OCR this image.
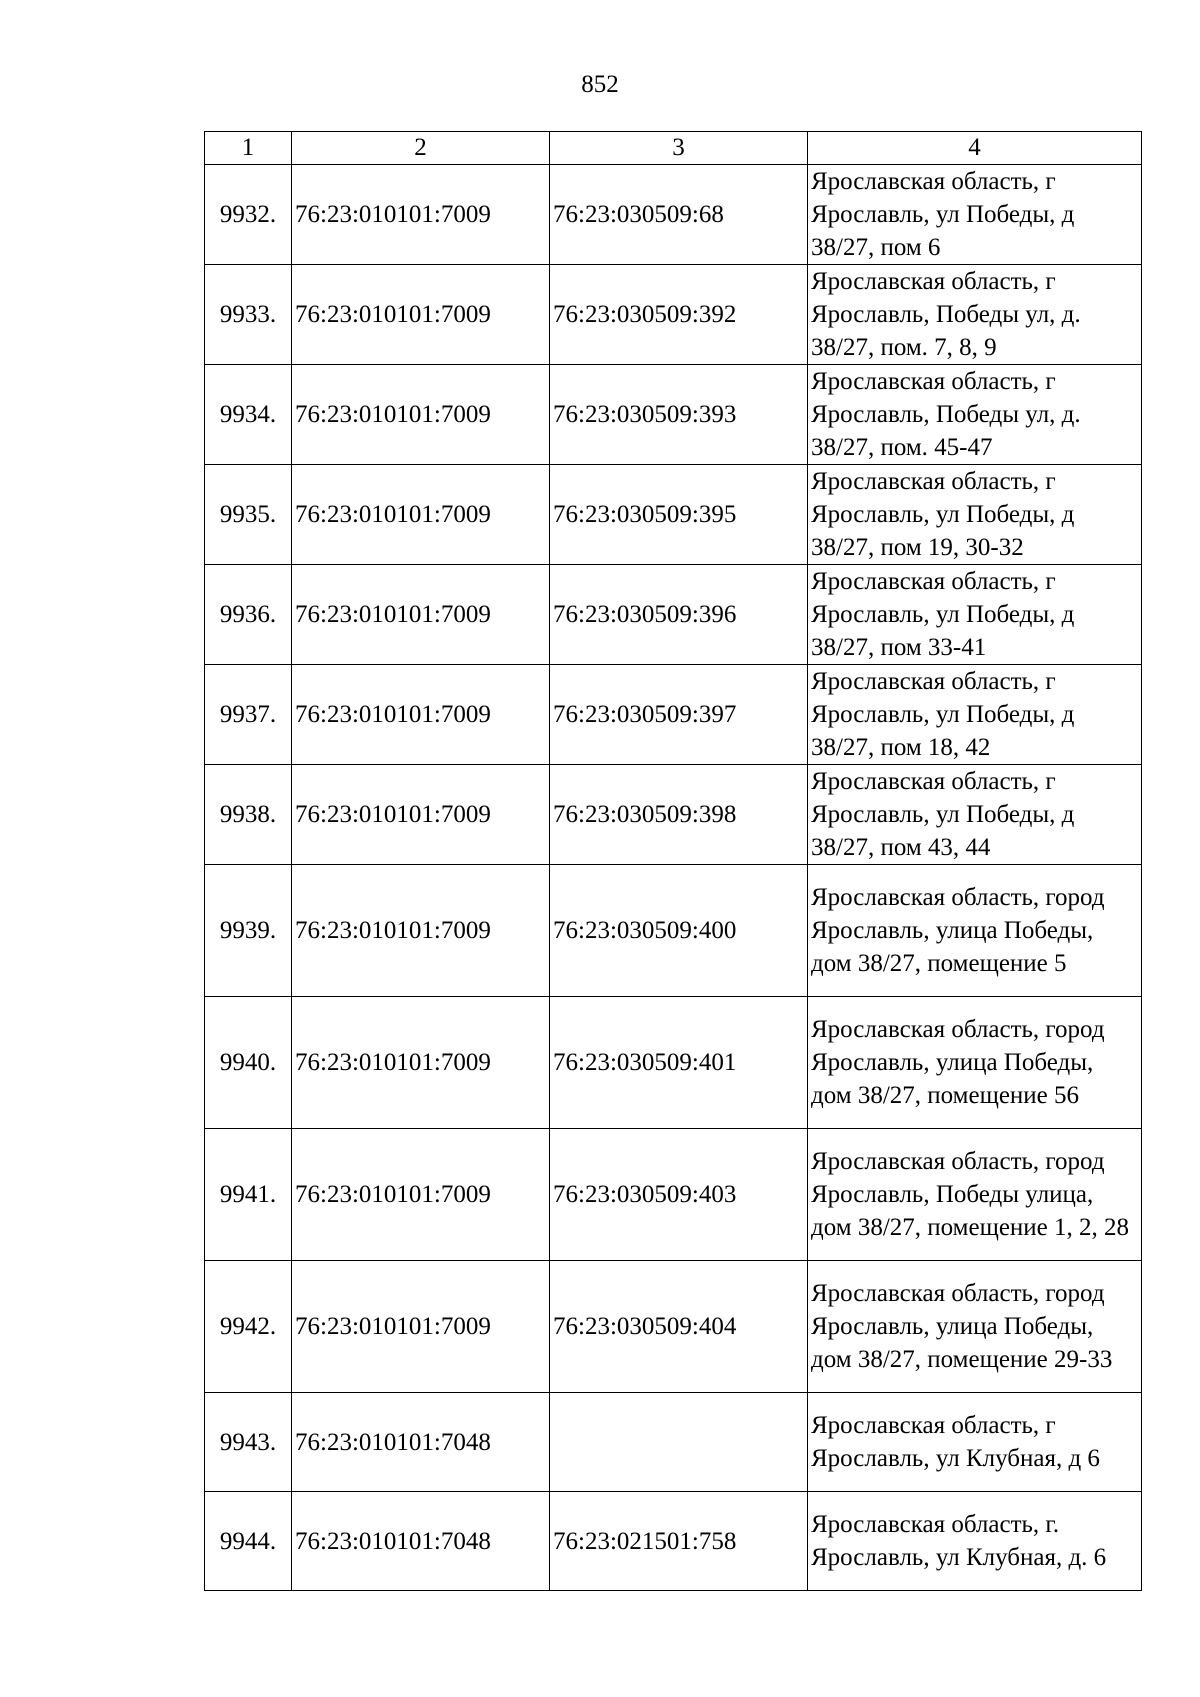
852
1	2	3	4
9932.	76:23:010101:7009	76:23:030509:68	Ярославская область, г Ярославль, ул Победы, д 38/27, пом 6
9933.	76:23:010101:7009	76:23:030509:392	Ярославская область, г Ярославль, Победы ул, д. 38/27, пом. 7, 8, 9
9934.	76:23:010101:7009	76:23:030509:393	Ярославская область, г Ярославль, Победы ул, д. 38/27, пом. 45-47
9935.	76:23:010101:7009	76:23:030509:395	Ярославская область, г Ярославль, ул Победы, д 38/27, пом 19, 30-32
9936.	76:23:010101:7009	76:23:030509:396	Ярославская область, г Ярославль, ул Победы, д 38/27, пом 33-41
9937.	76:23:010101:7009	76:23:030509:397	Ярославская область, г Ярославль, ул Победы, д 38/27, пом 18, 42
9938.	76:23:010101:7009	76:23:030509:398	Ярославская область, г Ярославль, ул Победы, д 38/27, пом 43, 44
9939.	76:23:010101:7009	76:23:030509:400	Ярославская область, город Ярославль, улица Победы, дом 38/27, помещение 5
9940.	76:23:010101:7009	76:23:030509:401	Ярославская область, город Ярославль, улица Победы, дом 38/27, помещение 56
9941.	76:23:010101:7009	76:23:030509:403	Ярославская область, город Ярославль, Победы улица, дом 38/27, помещение 1, 2, 28
9942.	76:23:010101:7009	76:23:030509:404	Ярославская область, город Ярославль, улица Победы, дом 38/27, помещение 29-33
9943.	76:23:010101:7048		Ярославская область, г Ярославль, ул Клубная, д 6
9944.	76:23:010101:7048	76:23:021501:758	Ярославская область, г. Ярославль, ул Клубная, д. 6
